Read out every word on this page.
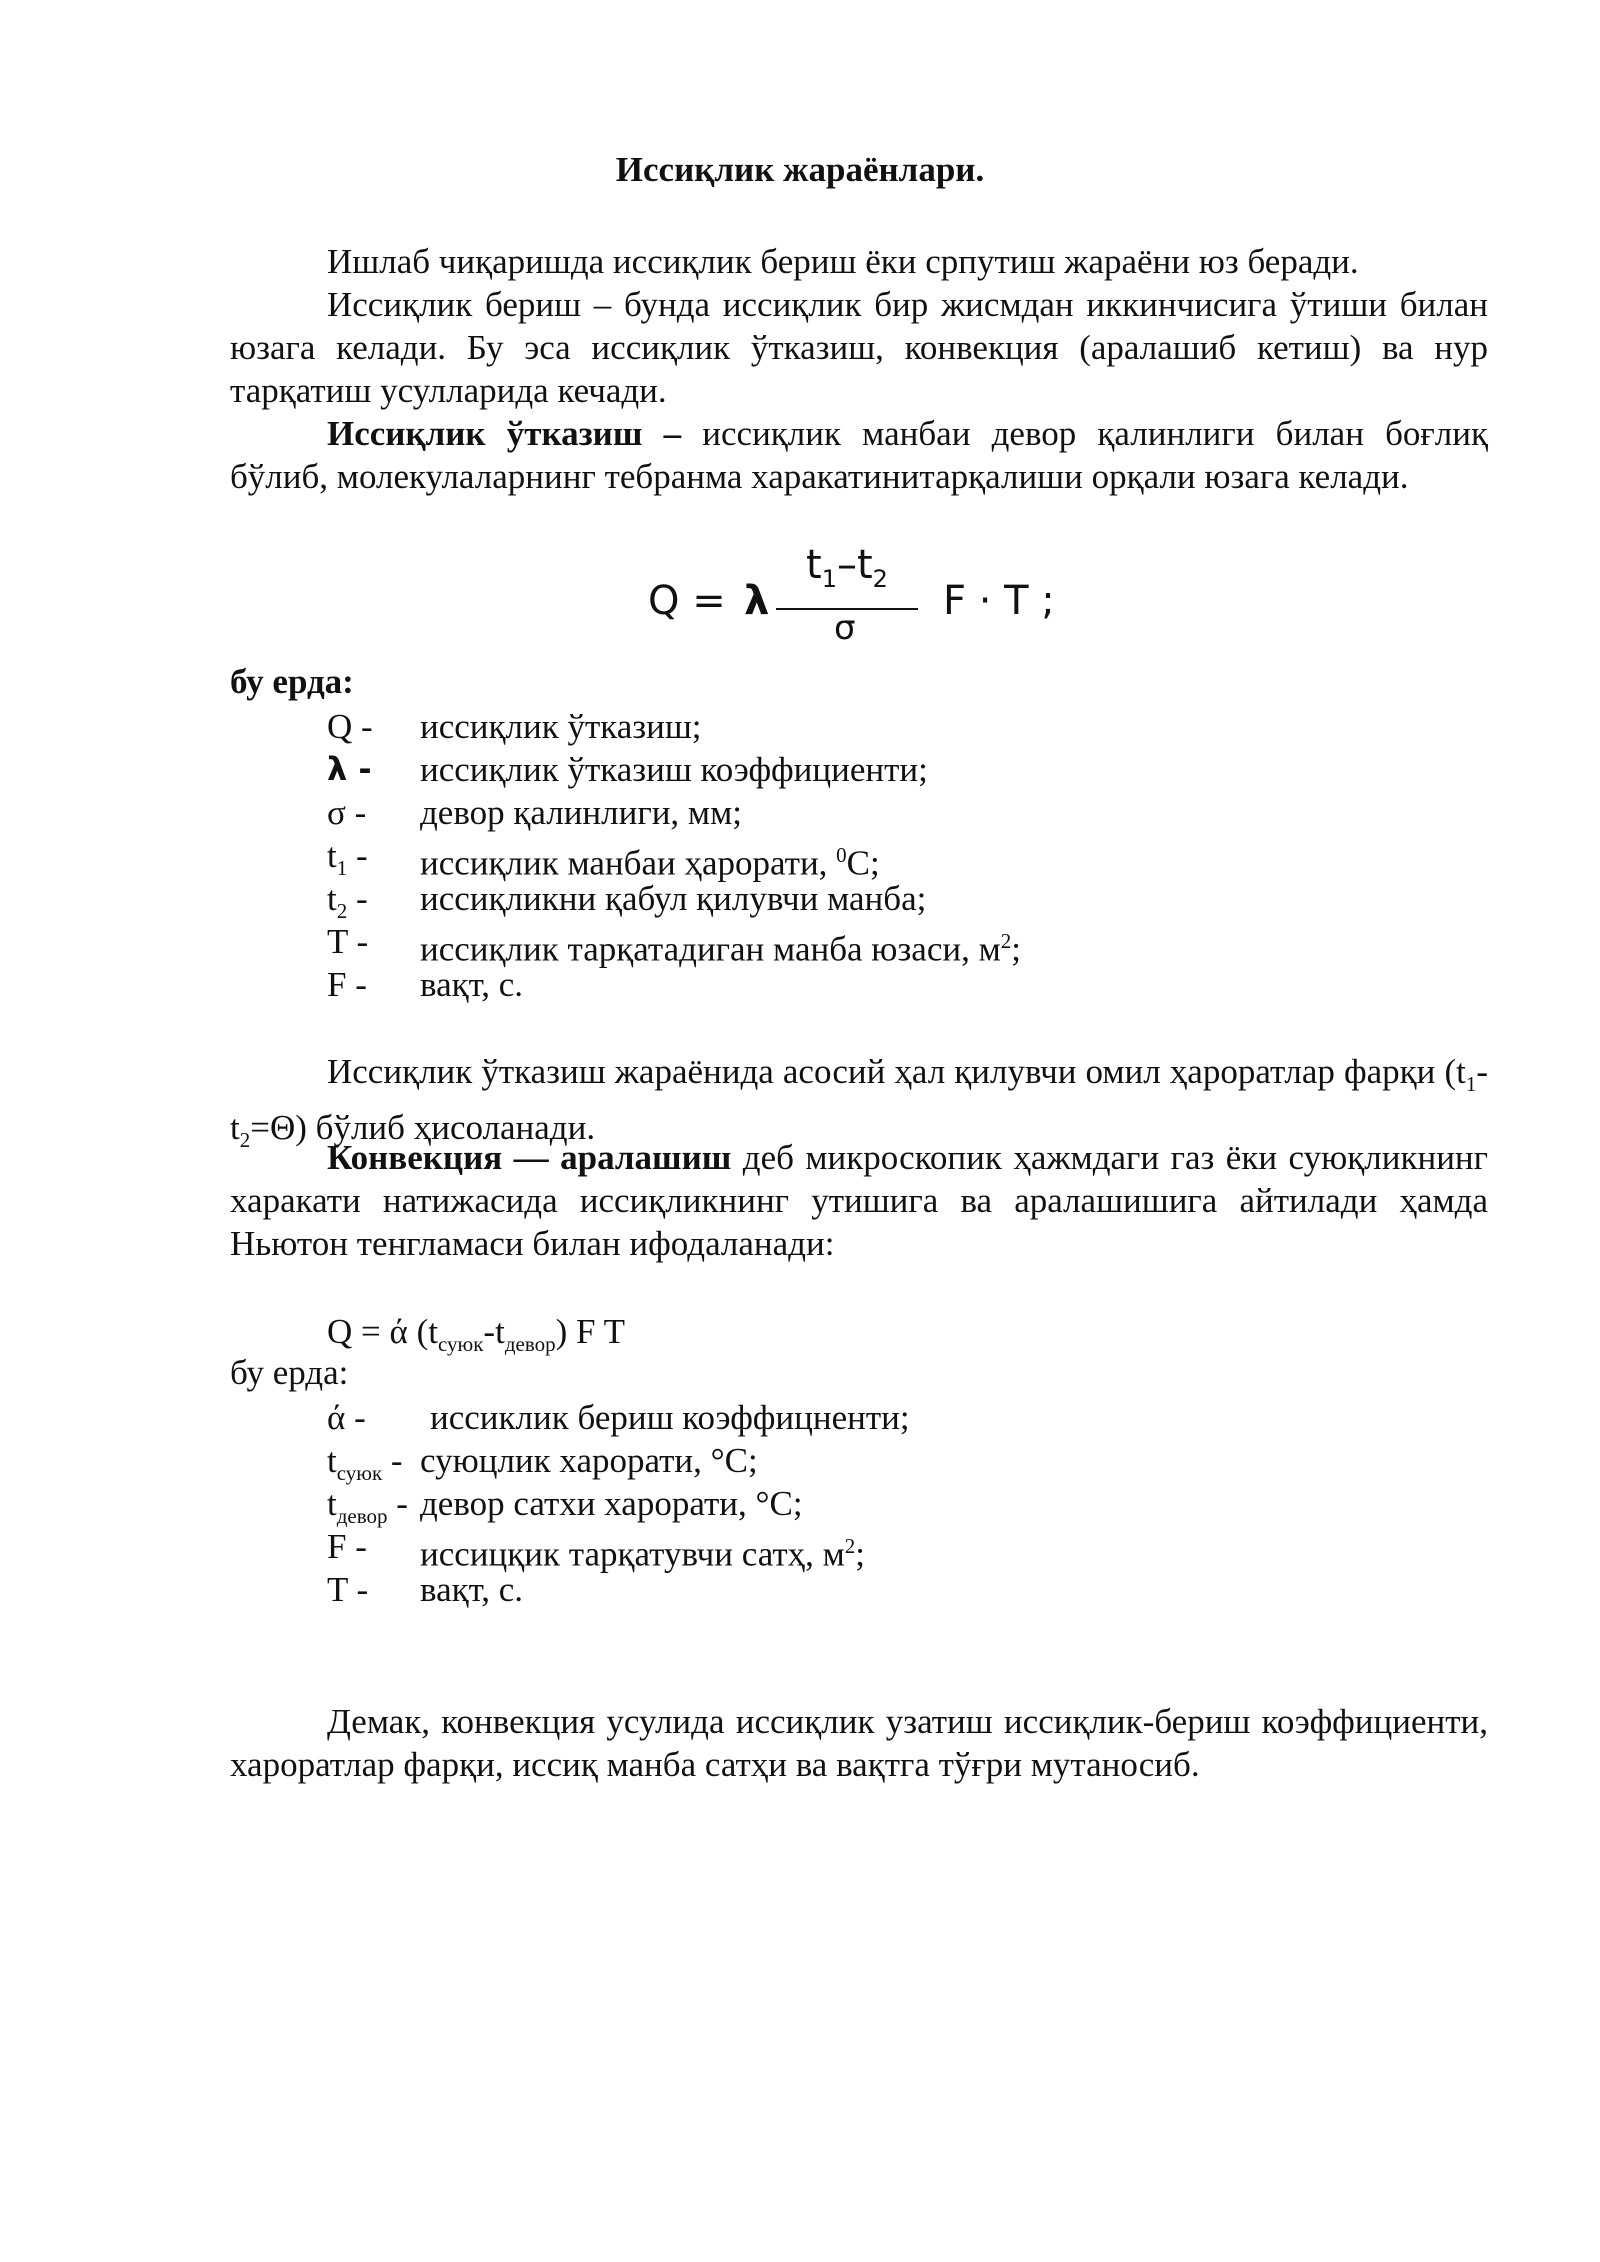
Иссиқлик жараёнлари.

Ишлаб чиқаришда иссиқлик бериш ёки српутиш жараёни юз беради.

Иссиқлик бериш – бунда иссиқлик бир жисмдан иккинчисига ўтиши билан юзага келади. Бу эса иссиқлик ўтказиш, конвекция (аралашиб кетиш) ва нур тарқатиш усулларида кечади.

Иссиқлик ўтказиш – иссиқлик манбаи девор қалинлиги билан боғлиқ бўлиб, молекулаларнинг тебранма харакатинитарқалиши орқали юзага келади.

Q = λ
$t_1-t_2$
σ
F · T ;
бу ерда:
Q - иссиқлик ўтказиш;
λ - иссиқлик ўтказиш коэффициенти;
σ - девор қалинлиги, мм;
$t_1$ - иссиқлик манбаи ҳарорати, $^0$С;
$t_2$ - иссиқликни қабул қилувчи манба;
T - иссиқлик тарқатадиган манба юзаси, $м^2$;
F - вақт, с.

Иссиқлик ўтказиш жараёнида асосий ҳал қилувчи омил ҳароратлар фарқи $(t_1-t_2=\Theta)$ бўлиб ҳисоланади.

Конвекция — аралашиш деб микроскопик ҳажмдаги газ ёки суюқликнинг харакати натижасида иссиқликнинг утишига ва аралашишига айтилади ҳамда Ньютон тенгламаси билан ифодаланади:

Q = ά $(t_{суюк}-t_{девор})$ F T
бу ерда:
ά - иссиклик бериш коэффицненти;
$t_{суюк}$ - суюцлик харорати, °С;
$t_{девор}$ - девор сатхи харорати, °С;
F - иссицқик тарқатувчи сатҳ, $м^2$;
T - вақт, с.

Демак, конвекция усулида иссиқлик узатиш иссиқлик-бериш коэффициенти, хароратлар фарқи, иссиқ манба сатҳи ва вақтга тўғри мутаносиб.
